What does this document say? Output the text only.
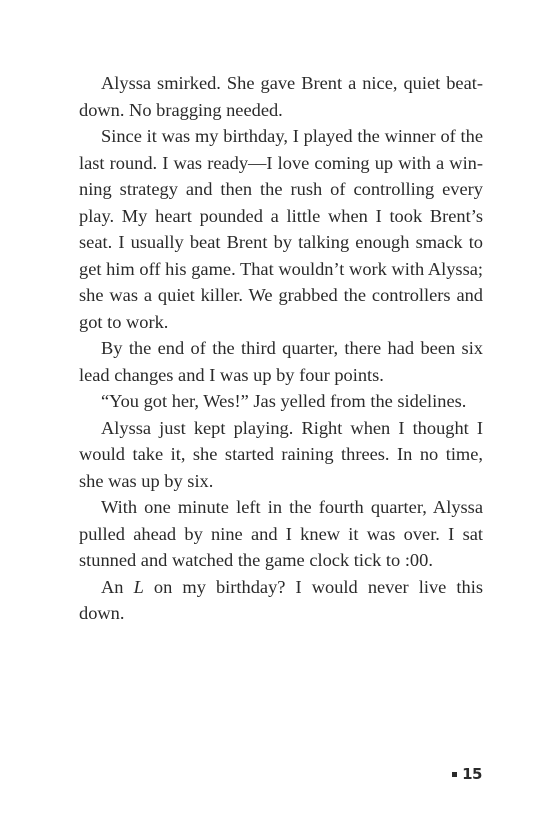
Alyssa smirked. She gave Brent a nice, quiet beatdown. No bragging needed.

Since it was my birthday, I played the winner of the last round. I was ready—I love coming up with a winning strategy and then the rush of controlling every play. My heart pounded a little when I took Brent’s seat. I usually beat Brent by talking enough smack to get him off his game. That wouldn’t work with Alyssa; she was a quiet killer. We grabbed the controllers and got to work.

By the end of the third quarter, there had been six lead changes and I was up by four points.

“You got her, Wes!” Jas yelled from the sidelines.

Alyssa just kept playing. Right when I thought I would take it, she started raining threes. In no time, she was up by six.

With one minute left in the fourth quarter, Alyssa pulled ahead by nine and I knew it was over. I sat stunned and watched the game clock tick to :00.

An L on my birthday? I would never live this down.

15
